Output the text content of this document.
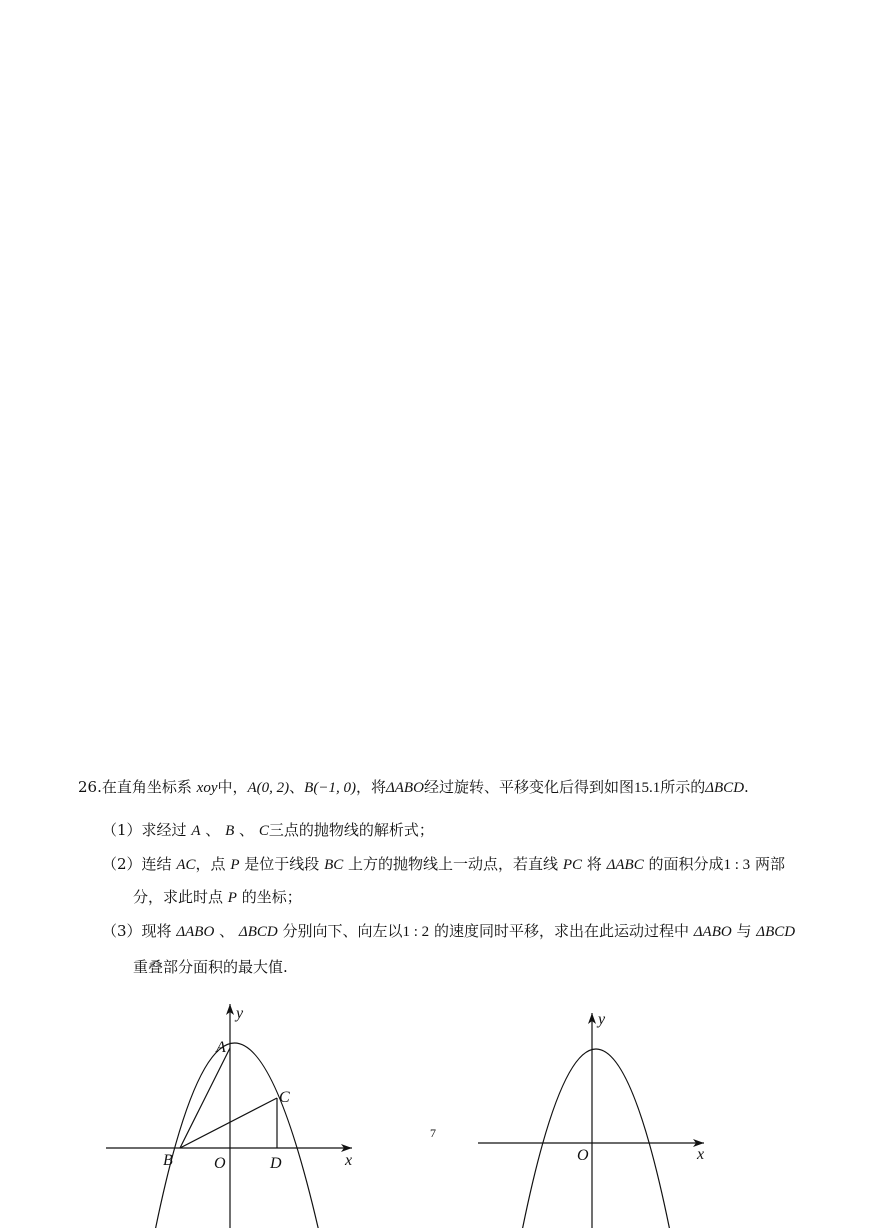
26.在直角坐标系 xoy中，A(0, 2)、B(−1, 0)，将ΔABO经过旋转、平移变化后得到如图15.1所示的ΔBCD.
（1）求经过 A 、 B 、 C三点的抛物线的解析式；
（2）连结 AC，点 P 是位于线段 BC 上方的抛物线上一动点，若直线 PC 将 ΔABC 的面积分成1 : 3 两部
分，求此时点 P 的坐标；
（3）现将 ΔABO 、 ΔBCD 分别向下、向左以1 : 2 的速度同时平移，求出在此运动过程中 ΔABO 与 ΔBCD
重叠部分面积的最大值.
y
A
C
B	O	D	x
y
O	x
7
